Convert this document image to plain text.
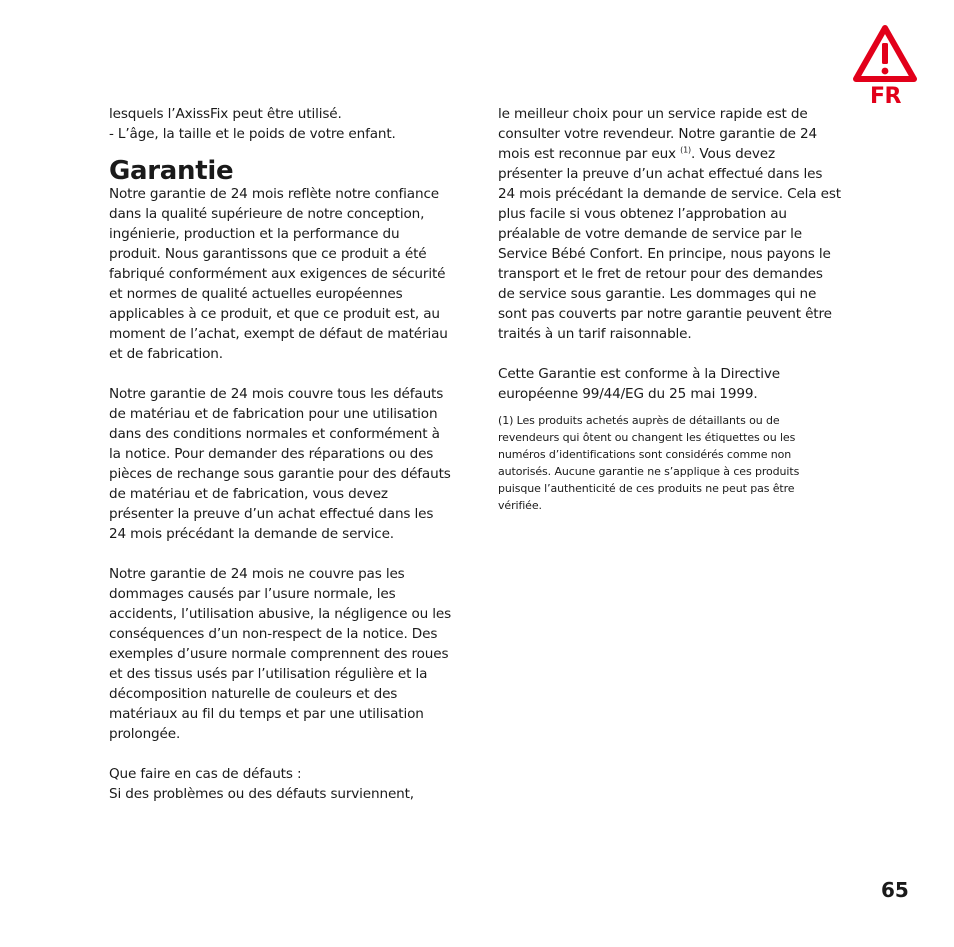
FR
lesquels l’AxissFix peut être utilisé.
- L’âge, la taille et le poids de votre enfant.
Garantie
Notre garantie de 24 mois reflète notre confiance
dans la qualité supérieure de notre conception,
ingénierie, production et la performance du
produit. Nous garantissons que ce produit a été
fabriqué conformément aux exigences de sécurité
et normes de qualité actuelles européennes
applicables à ce produit, et que ce produit est, au
moment de l’achat, exempt de défaut de matériau
et de fabrication.
Notre garantie de 24 mois couvre tous les défauts
de matériau et de fabrication pour une utilisation
dans des conditions normales et conformément à
la notice. Pour demander des réparations ou des
pièces de rechange sous garantie pour des défauts
de matériau et de fabrication, vous devez
présenter la preuve d’un achat effectué dans les
24 mois précédant la demande de service.
Notre garantie de 24 mois ne couvre pas les
dommages causés par l’usure normale, les
accidents, l’utilisation abusive, la négligence ou les
conséquences d’un non-respect de la notice. Des
exemples d’usure normale comprennent des roues
et des tissus usés par l’utilisation régulière et la
décomposition naturelle de couleurs et des
matériaux au fil du temps et par une utilisation
prolongée.
Que faire en cas de défauts :
Si des problèmes ou des défauts surviennent,
le meilleur choix pour un service rapide est de
consulter votre revendeur. Notre garantie de 24
mois est reconnue par eux $^{(1)}$. Vous devez
présenter la preuve d’un achat effectué dans les
24 mois précédant la demande de service. Cela est
plus facile si vous obtenez l’approbation au
préalable de votre demande de service par le
Service Bébé Confort. En principe, nous payons le
transport et le fret de retour pour des demandes
de service sous garantie. Les dommages qui ne
sont pas couverts par notre garantie peuvent être
traités à un tarif raisonnable.
Cette Garantie est conforme à la Directive
européenne 99/44/EG du 25 mai 1999.
(1) Les produits achetés auprès de détaillants ou de
revendeurs qui ôtent ou changent les étiquettes ou les
numéros d’identifications sont considérés comme non
autorisés. Aucune garantie ne s’applique à ces produits
puisque l’authenticité de ces produits ne peut pas être
vérifiée.
65
